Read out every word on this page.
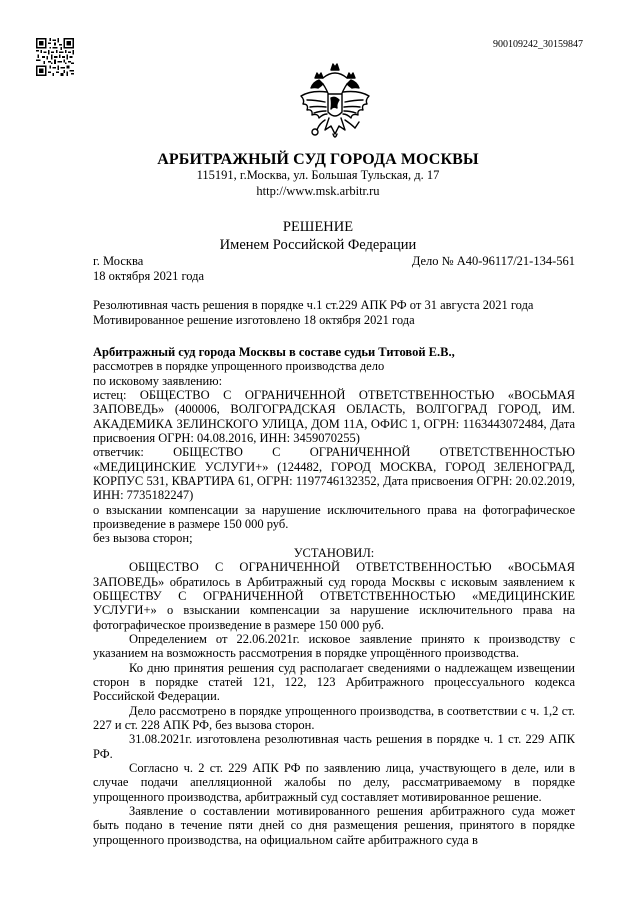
900109242_30159847
АРБИТРАЖНЫЙ СУД ГОРОДА МОСКВЫ
115191, г.Москва, ул. Большая Тульская, д. 17
http://www.msk.arbitr.ru
РЕШЕНИЕ
Именем Российской Федерации
г. Москва	Дело № А40-96117/21-134-561
18 октября 2021 года
Резолютивная часть решения в порядке ч.1 ст.229 АПК РФ от 31 августа 2021 года
Мотивированное решение изготовлено 18 октября 2021 года

Арбитражный суд города Москвы в составе судьи Титовой Е.В.,

рассмотрев в порядке упрощенного производства дело

по исковому заявлению:

истец: ОБЩЕСТВО С ОГРАНИЧЕННОЙ ОТВЕТСТВЕННОСТЬЮ «ВОСЬМАЯ ЗАПОВЕДЬ» (400006, ВОЛГОГРАДСКАЯ ОБЛАСТЬ, ВОЛГОГРАД ГОРОД, ИМ. АКАДЕМИКА ЗЕЛИНСКОГО УЛИЦА, ДОМ 11А, ОФИС 1, ОГРН: 1163443072484, Дата присвоения ОГРН: 04.08.2016, ИНН: 3459070255)

ответчик: ОБЩЕСТВО С ОГРАНИЧЕННОЙ ОТВЕТСТВЕННОСТЬЮ «МЕДИЦИНСКИЕ УСЛУГИ+» (124482, ГОРОД МОСКВА, ГОРОД ЗЕЛЕНОГРАД, КОРПУС 531, КВАРТИРА 61, ОГРН: 1197746132352, Дата присвоения ОГРН: 20.02.2019, ИНН: 7735182247)

о взыскании компенсации за нарушение исключительного права на фотографическое произведение в размере 150 000 руб.

без вызова сторон;

УСТАНОВИЛ:

ОБЩЕСТВО С ОГРАНИЧЕННОЙ ОТВЕТСТВЕННОСТЬЮ «ВОСЬМАЯ ЗАПОВЕДЬ» обратилось в Арбитражный суд города Москвы с исковым заявлением к ОБЩЕСТВУ С ОГРАНИЧЕННОЙ ОТВЕТСТВЕННОСТЬЮ «МЕДИЦИНСКИЕ УСЛУГИ+» о взыскании компенсации за нарушение исключительного права на фотографическое произведение в размере 150 000 руб.

Определением от 22.06.2021г. исковое заявление принято к производству с указанием на возможность рассмотрения в порядке упрощённого производства.

Ко дню принятия решения суд располагает сведениями о надлежащем извещении сторон в порядке статей 121, 122, 123 Арбитражного процессуального кодекса Российской Федерации.

Дело рассмотрено в порядке упрощенного производства, в соответствии с ч. 1,2 ст. 227 и ст. 228 АПК РФ, без вызова сторон.

31.08.2021г. изготовлена резолютивная часть решения в порядке ч. 1 ст. 229 АПК РФ.

Согласно ч. 2 ст. 229 АПК РФ по заявлению лица, участвующего в деле, или в случае подачи апелляционной жалобы по делу, рассматриваемому в порядке упрощенного производства, арбитражный суд составляет мотивированное решение.

Заявление о составлении мотивированного решения арбитражного суда может быть подано в течение пяти дней со дня размещения решения, принятого в порядке упрощенного производства, на официальном сайте арбитражного суда в
